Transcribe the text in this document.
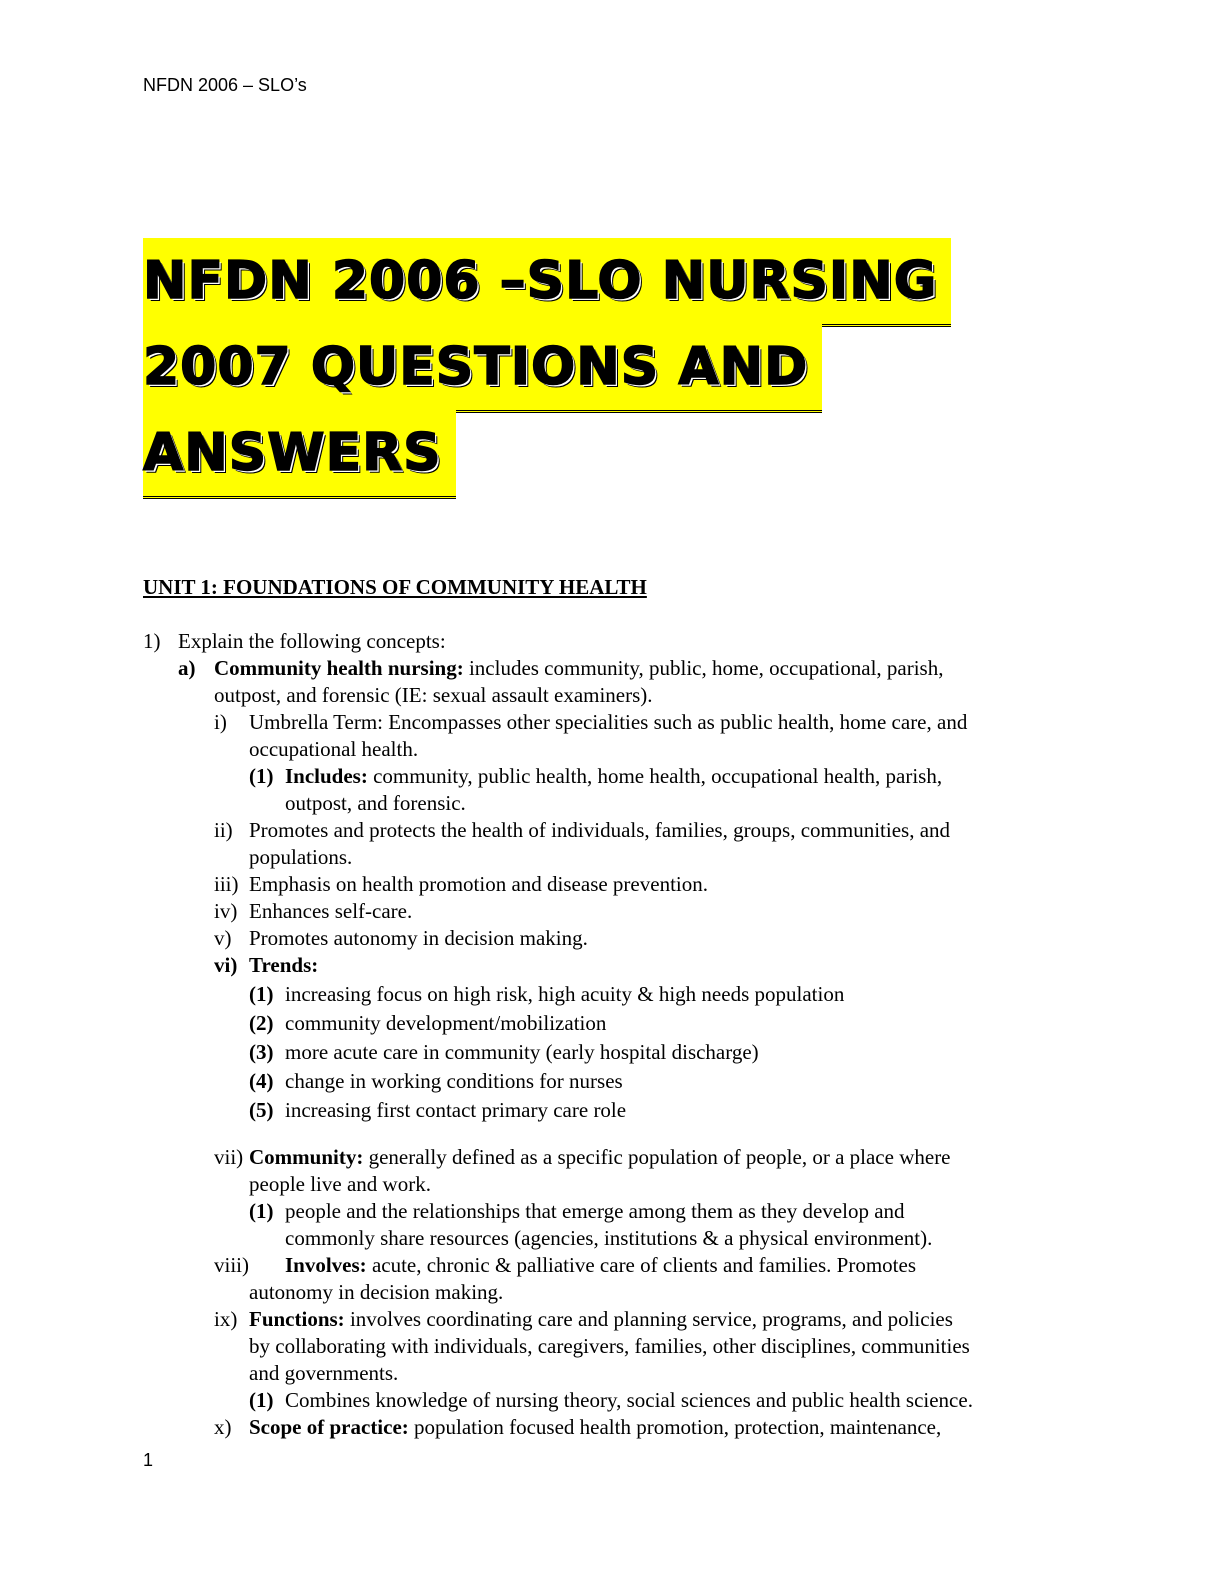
NFDN 2006 – SLO’s
NFDN 2006 –SLO NURSING
2007 QUESTIONS AND
ANSWERS
UNIT 1: FOUNDATIONS OF COMMUNITY HEALTH
1) Explain the following concepts:
a) Community health nursing: includes community, public, home, occupational, parish,
outpost, and forensic (IE: sexual assault examiners).
i) Umbrella Term: Encompasses other specialities such as public health, home care, and
occupational health.
(1) Includes: community, public health, home health, occupational health, parish,
outpost, and forensic.
ii) Promotes and protects the health of individuals, families, groups, communities, and
populations.
iii) Emphasis on health promotion and disease prevention.
iv) Enhances self-care.
v) Promotes autonomy in decision making.
vi) Trends:
(1) increasing focus on high risk, high acuity & high needs population
(2) community development/mobilization
(3) more acute care in community (early hospital discharge)
(4) change in working conditions for nurses
(5) increasing first contact primary care role
vii) Community: generally defined as a specific population of people, or a place where
people live and work.
(1) people and the relationships that emerge among them as they develop and
commonly share resources (agencies, institutions & a physical environment).
viii) Involves: acute, chronic & palliative care of clients and families. Promotes
autonomy in decision making.
ix) Functions: involves coordinating care and planning service, programs, and policies
by collaborating with individuals, caregivers, families, other disciplines, communities
and governments.
(1) Combines knowledge of nursing theory, social sciences and public health science.
x) Scope of practice: population focused health promotion, protection, maintenance,
1
